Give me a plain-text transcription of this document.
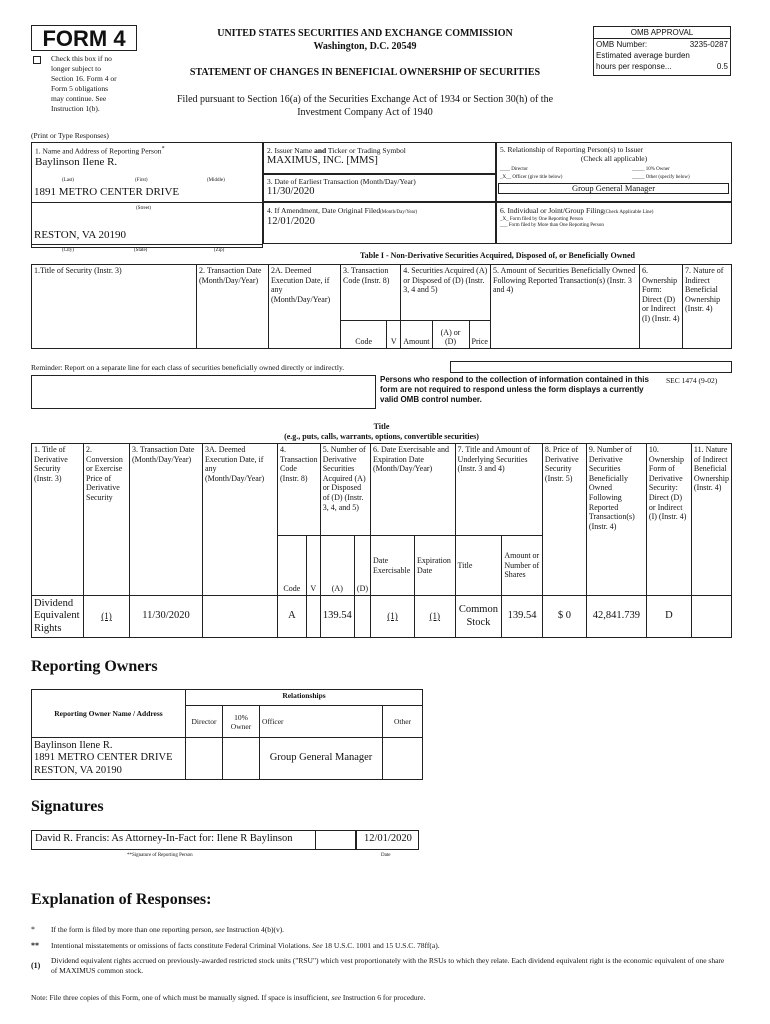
FORM 4
Check this box if no
longer subject to
Section 16. Form 4 or
Form 5 obligations
may continue. See
Instruction 1(b).
UNITED STATES SECURITIES AND EXCHANGE COMMISSION
Washington, D.C. 20549
STATEMENT OF CHANGES IN BENEFICIAL OWNERSHIP OF SECURITIES
Filed pursuant to Section 16(a) of the Securities Exchange Act of 1934 or Section 30(h) of the
Investment Company Act of 1940
OMB APPROVAL
OMB Number:	3235-0287
Estimated average burden
hours per response...	0.5
(Print or Type Responses)
1. Name and Address of Reporting Person*
Baylinson Ilene R.
(Last)	(First)	(Middle)
1891 METRO CENTER DRIVE
(Street)
RESTON, VA 20190
(City)	(State)	(Zip)
2. Issuer Name and Ticker or Trading Symbol
MAXIMUS, INC. [MMS]
3. Date of Earliest Transaction (Month/Day/Year)
11/30/2020
4. If Amendment, Date Original Filed(Month/Day/Year)
12/01/2020
5. Relationship of Reporting Person(s) to Issuer
(Check all applicable)
____ Director	_____ 10% Owner
_X__ Officer (give title below)	_____ Other (specify below)
Group General Manager
6. Individual or Joint/Group Filing(Check Applicable Line)
_X_ Form filed by One Reporting Person
___ Form filed by More than One Reporting Person
Table I - Non-Derivative Securities Acquired, Disposed of, or Beneficially Owned
1.Title of Security (Instr. 3)	2. Transaction Date (Month/Day/Year)	2A. Deemed Execution Date, if any (Month/Day/Year)	3. Transaction Code (Instr. 8)		4. Securities Acquired (A) or Disposed of (D) (Instr. 3, 4 and 5)			5. Amount of Securities Beneficially Owned Following Reported Transaction(s) (Instr. 3 and 4)	6. Ownership Form: Direct (D) or Indirect (I) (Instr. 4)	7. Nature of Indirect Beneficial Ownership (Instr. 4)
			Code	V	Amount	(A) or (D)	Price			
Reminder: Report on a separate line for each class of securities beneficially owned directly or indirectly.
Persons who respond to the collection of information contained in this form are not required to respond unless the form displays a currently valid OMB control number.
SEC 1474 (9-02)
Title
(e.g., puts, calls, warrants, options, convertible securities)
1. Title of Derivative Security (Instr. 3)	2. Conversion or Exercise Price of Derivative Security	3. Transaction Date (Month/Day/Year)	3A. Deemed Execution Date, if any (Month/Day/Year)	4. Transaction Code (Instr. 8)		5. Number of Derivative Securities Acquired (A) or Disposed of (D) (Instr. 3, 4, and 5)		6. Date Exercisable and Expiration Date (Month/Day/Year)		7. Title and Amount of Underlying Securities (Instr. 3 and 4)		8. Price of Derivative Security (Instr. 5)	9. Number of Derivative Securities Beneficially Owned Following Reported Transaction(s) (Instr. 4)	10. Ownership Form of Derivative Security: Direct (D) or Indirect (I) (Instr. 4)	11. Nature of Indirect Beneficial Ownership (Instr. 4)
				Code	V	(A)	(D)	Date Exercisable	Expiration Date	Title	Amount or Number of Shares				
Dividend Equivalent Rights	(1)	11/30/2020		A		139.54		(1)	(1)	Common Stock	139.54	$ 0	42,841.739	D	
Reporting Owners
Reporting Owner Name / Address	Relationships			
	Director	10% Owner	Officer	Other

Baylinson Ilene R.
1891 METRO CENTER DRIVE
RESTON, VA 20190			Group General Manager	
Signatures
David R. Francis: As Attorney-In-Fact for: Ilene R Baylinson	12/01/2020
**Signature of Reporting Person	Date
Explanation of Responses:
* If the form is filed by more than one reporting person, see Instruction 4(b)(v).
** Intentional misstatements or omissions of facts constitute Federal Criminal Violations. See 18 U.S.C. 1001 and 15 U.S.C. 78ff(a).
(1)
Dividend equivalent rights accrued on previously-awarded restricted stock units ("RSU") which vest proportionately with the RSUs to which they relate. Each dividend equivalent right is the economic equivalent of one share of MAXIMUS common stock.
Note: File three copies of this Form, one of which must be manually signed. If space is insufficient, see Instruction 6 for procedure.
